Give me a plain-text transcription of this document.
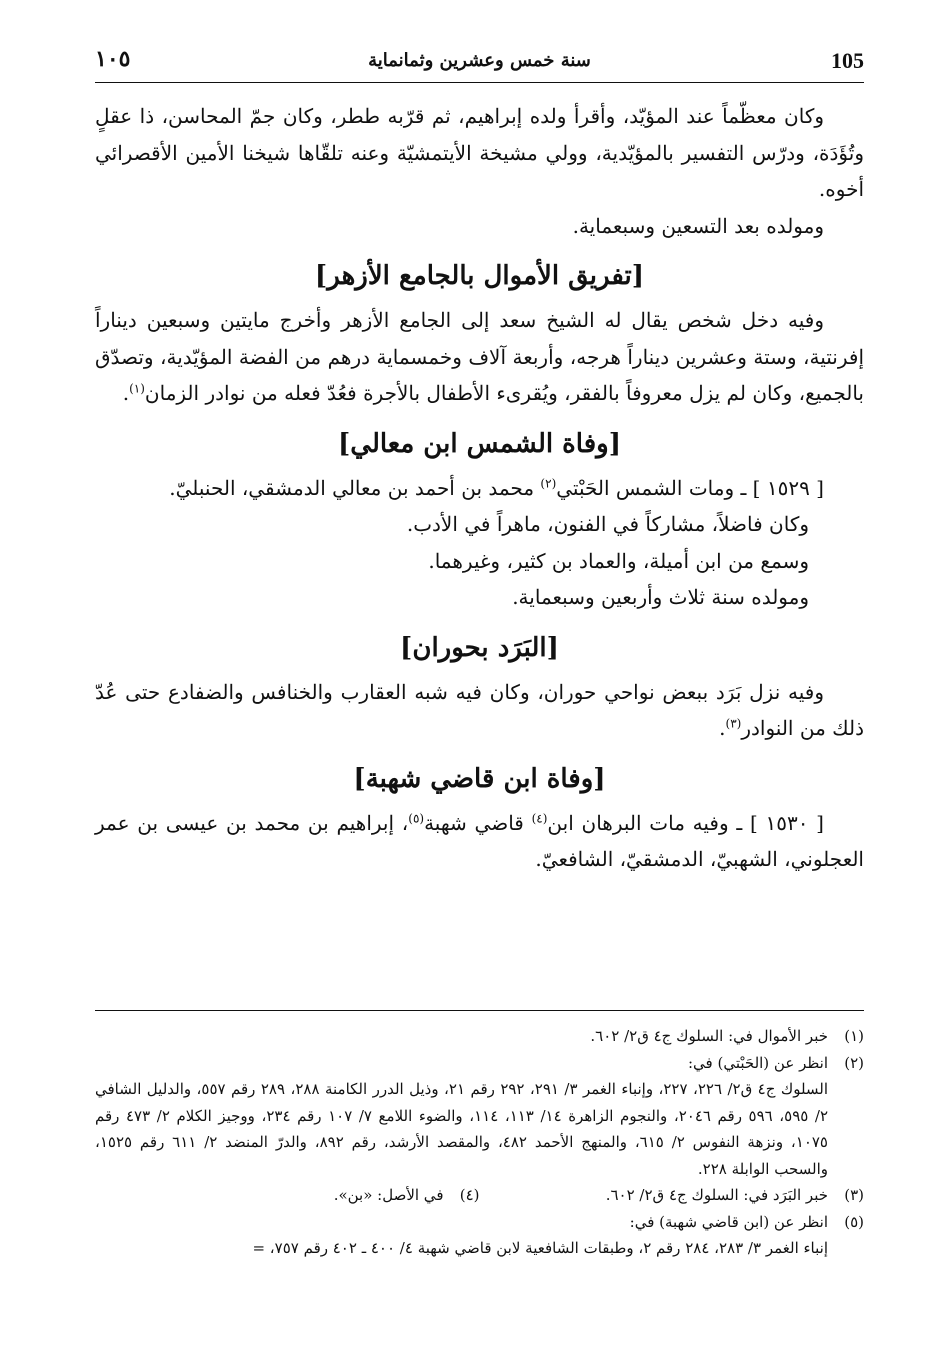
105
سنة خمس وعشرين وثمانماية
١٠٥

وكان معظّماً عند المؤيّد، وأقرأ ولده إبراهيم، ثم قرّبه ططر، وكان جمّ المحاسن، ذا عقلٍ وتُؤَدَة، ودرّس التفسير بالمؤيّدية، وولي مشيخة الأيتمشيّة وعنه تلقّاها شيخنا الأمين الأقصرائي أخوه.

ومولده بعد التسعين وسبعماية.

[تفريق الأموال بالجامع الأزهر]

وفيه دخل شخص يقال له الشيخ سعد إلى الجامع الأزهر وأخرج مايتين وسبعين ديناراً إفرنتية، وستة وعشرين ديناراً هرجه، وأربعة آلاف وخمسماية درهم من الفضة المؤيّدية، وتصدّق بالجميع، وكان لم يزل معروفاً بالفقر، ويُقرىء الأطفال بالأجرة فعُدّ فعله من نوادر الزمان$^{(١)}$.

[وفاة الشمس ابن معالي]

[ ١٥٢٩ ] ـ ومات الشمس الحَبْتي$^{(٢)}$ محمد بن أحمد بن معالي الدمشقي، الحنبليّ.

وكان فاضلاً، مشاركاً في الفنون، ماهراً في الأدب.

وسمع من ابن أميلة، والعماد بن كثير، وغيرهما.

ومولده سنة ثلاث وأربعين وسبعماية.

[البَرَد بحوران]

وفيه نزل بَرَد ببعض نواحي حوران، وكان فيه شبه العقارب والخنافس والضفادع حتى عُدّ ذلك من النوادر$^{(٣)}$.

[وفاة ابن قاضي شهبة]

[ ١٥٣٠ ] ـ وفيه مات البرهان ابن$^{(٤)}$ قاضي شهبة$^{(٥)}$، إبراهيم بن محمد بن عيسى بن عمر العجلوني، الشهبيّ، الدمشقيّ، الشافعيّ.

(١)
خبر الأموال في: السلوك ج٤ ق٢/ ٦٠٢.
(٢)
انظر عن (الحَبْتي) في:
السلوك ج٤ ق٢/ ٢٢٦، ٢٢٧، وإنباء الغمر ٣/ ٢٩١، ٢٩٢ رقم ٢١، وذيل الدرر الكامنة ٢٨٨، ٢٨٩ رقم ٥٥٧، والدليل الشافي ٢/ ٥٩٥، ٥٩٦ رقم ٢٠٤٦، والنجوم الزاهرة ١٤/ ١١٣، ١١٤، والضوء اللامع ٧/ ١٠٧ رقم ٢٣٤، ووجيز الكلام ٢/ ٤٧٣ رقم ١٠٧٥، ونزهة النفوس ٢/ ٦١٥، والمنهج الأحمد ٤٨٢، والمقصد الأرشد، رقم ٨٩٢، والدرّ المنضد ٢/ ٦١١ رقم ١٥٢٥، والسحب الوابلة ٢٢٨.
(٣)
خبر البَرَد في: السلوك ج٤ ق٢/ ٦٠٢.
(٤)
في الأصل: «بن».
(٥)
انظر عن (ابن قاضي شهبة) في:
إنباء الغمر ٣/ ٢٨٣، ٢٨٤ رقم ٢، وطبقات الشافعية لابن قاضي شهبة ٤/ ٤٠٠ ـ ٤٠٢ رقم ٧٥٧، =
